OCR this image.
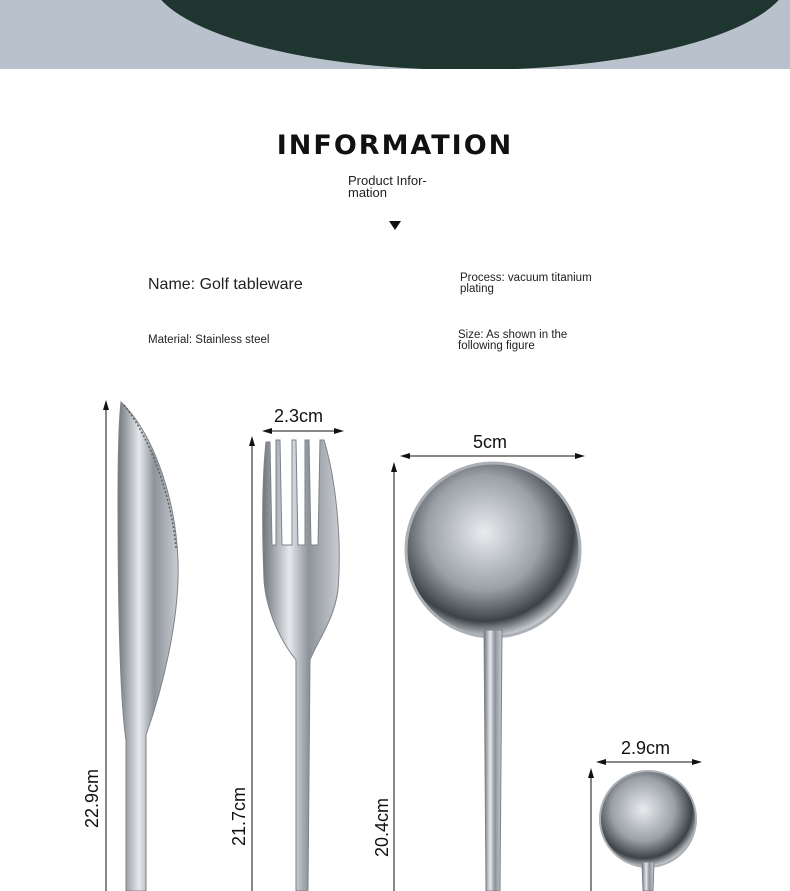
INFORMATION
Product Infor- mation
Name: Golf tableware	Process: vacuum titanium plating
Material: Stainless steel	Size: As shown in the following figure
22.9cm
2.3cm
21.7cm
5cm
20.4cm
2.9cm
